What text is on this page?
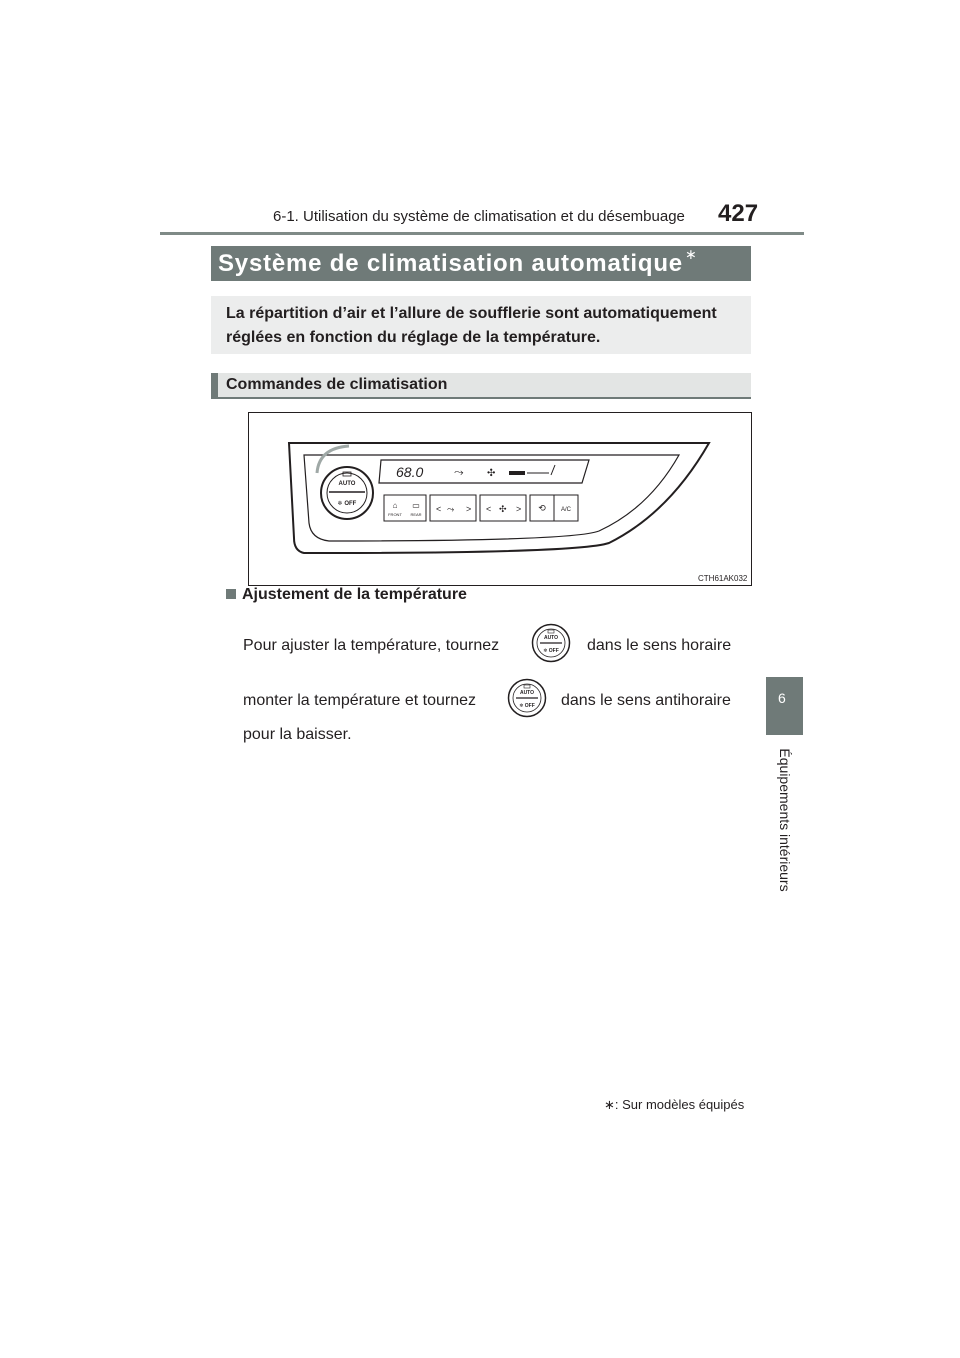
6-1. Utilisation du système de climatisation et du désembuage 427
Système de climatisation automatique ∗
La répartition d’air et l’allure de soufflerie sont automatiquement réglées en fonction du réglage de la température.
Commandes de climatisation
AUTO
❄ OFF
68.0	⤳ ✣
⌂
FRONT
▭
REAR
< ⤳ > < ✣ > ⟲	A/C
CTH61AK032
Ajustement de la température
Pour ajuster la température, tournez	AUTO
❄ OFF dans le sens horaire
monter la température et tournez	AUTO
❄ OFF dans le sens antihoraire
pour la baisser.
6
Équipements intérieurs
∗: Sur modèles équipés
